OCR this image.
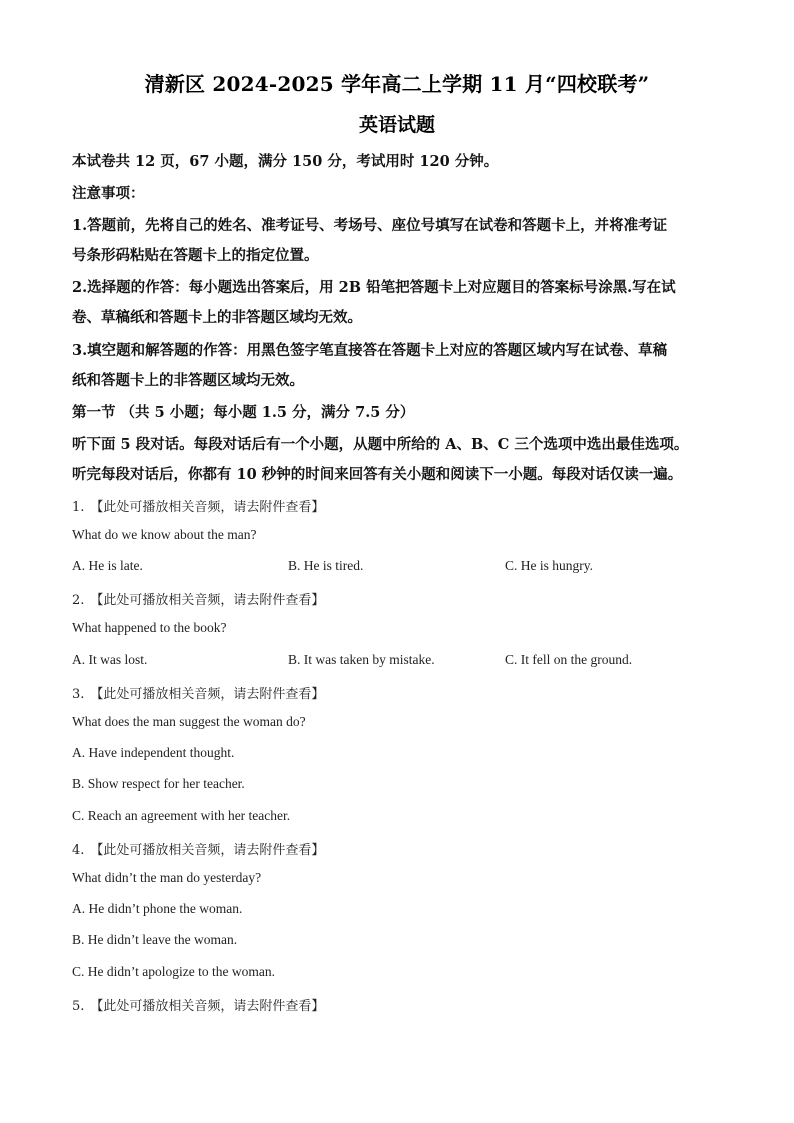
清新区 2024-2025 学年高二上学期 11 月“四校联考”
英语试题
本试卷共 12 页，67 小题，满分 150 分，考试用时 120 分钟。
注意事项：
1.答题前，先将自己的姓名、准考证号、考场号、座位号填写在试卷和答题卡上，并将准考证
号条形码粘贴在答题卡上的指定位置。
2.选择题的作答：每小题选出答案后，用 2B 铅笔把答题卡上对应题目的答案标号涂黑.写在试
卷、草稿纸和答题卡上的非答题区域均无效。
3.填空题和解答题的作答：用黑色签字笔直接答在答题卡上对应的答题区域内写在试卷、草稿
纸和答题卡上的非答题区域均无效。
第一节 （共 5 小题；每小题 1.5 分，满分 7.5 分）
听下面 5 段对话。每段对话后有一个小题，从题中所给的 A、B、C 三个选项中选出最佳选项。
听完每段对话后，你都有 10 秒钟的时间来回答有关小题和阅读下一小题。每段对话仅读一遍。
1. 【此处可播放相关音频，请去附件查看】
What do we know about the man?
A. He is late.	B. He is tired.	C. He is hungry.
2. 【此处可播放相关音频，请去附件查看】
What happened to the book?
A. It was lost.	B. It was taken by mistake.	C. It fell on the ground.
3. 【此处可播放相关音频，请去附件查看】
What does the man suggest the woman do?
A. Have independent thought.
B. Show respect for her teacher.
C. Reach an agreement with her teacher.
4. 【此处可播放相关音频，请去附件查看】
What didn’t the man do yesterday?
A. He didn’t phone the woman.
B. He didn’t leave the woman.
C. He didn’t apologize to the woman.
5. 【此处可播放相关音频，请去附件查看】
